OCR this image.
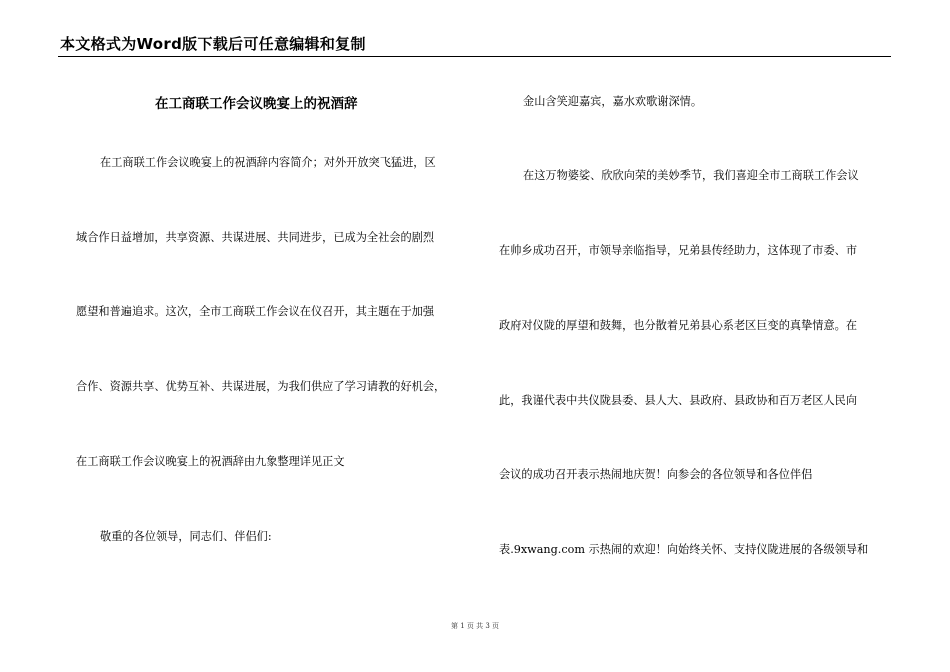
本文格式为Word版下载后可任意编辑和复制
在工商联工作会议晚宴上的祝酒辞
在工商联工作会议晚宴上的祝酒辞内容简介；对外开放突飞猛进，区
域合作日益增加，共享资源、共谋进展、共同进步，已成为全社会的剧烈
愿望和普遍追求。这次，全市工商联工作会议在仪召开，其主题在于加强
合作、资源共享、优势互补、共谋进展，为我们供应了学习请教的好机会，
在工商联工作会议晚宴上的祝酒辞由九象整理详见正文
敬重的各位领导，同志们、伴侣们:
金山含笑迎嘉宾，嘉水欢歌谢深情。
在这万物婆娑、欣欣向荣的美妙季节，我们喜迎全市工商联工作会议
在帅乡成功召开，市领导亲临指导，兄弟县传经助力，这体现了市委、市
政府对仪陇的厚望和鼓舞，也分散着兄弟县心系老区巨变的真挚情意。在
此，我谨代表中共仪陇县委、县人大、县政府、县政协和百万老区人民向
会议的成功召开表示热闹地庆贺！向参会的各位领导和各位伴侣
表.9xwang.com 示热闹的欢迎！向始终关怀、支持仪陇进展的各级领导和
第 1 页 共 3 页
